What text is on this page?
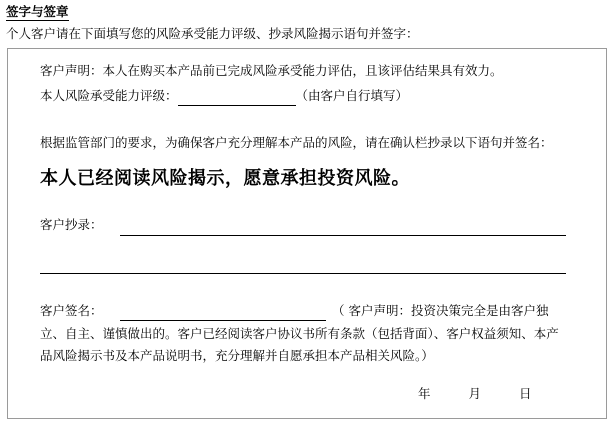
签字与签章
个人客户请在下面填写您的风险承受能力评级、抄录风险揭示语句并签字：
客户声明：本人在购买本产品前已完成风险承受能力评估，且该评估结果具有效力。
本人风险承受能力评级：	（由客户自行填写）
根据监管部门的要求，为确保客户充分理解本产品的风险，请在确认栏抄录以下语句并签名：
本人已经阅读风险揭示，愿意承担投资风险。
客户抄录：
客户签名：	（ 客户声明：投资决策完全是由客户独
立、自主、谨慎做出的。客户已经阅读客户协议书所有条款（包括背面）、客户权益须知、本产
品风险揭示书及本产品说明书，充分理解并自愿承担本产品相关风险。）
年	月	日
